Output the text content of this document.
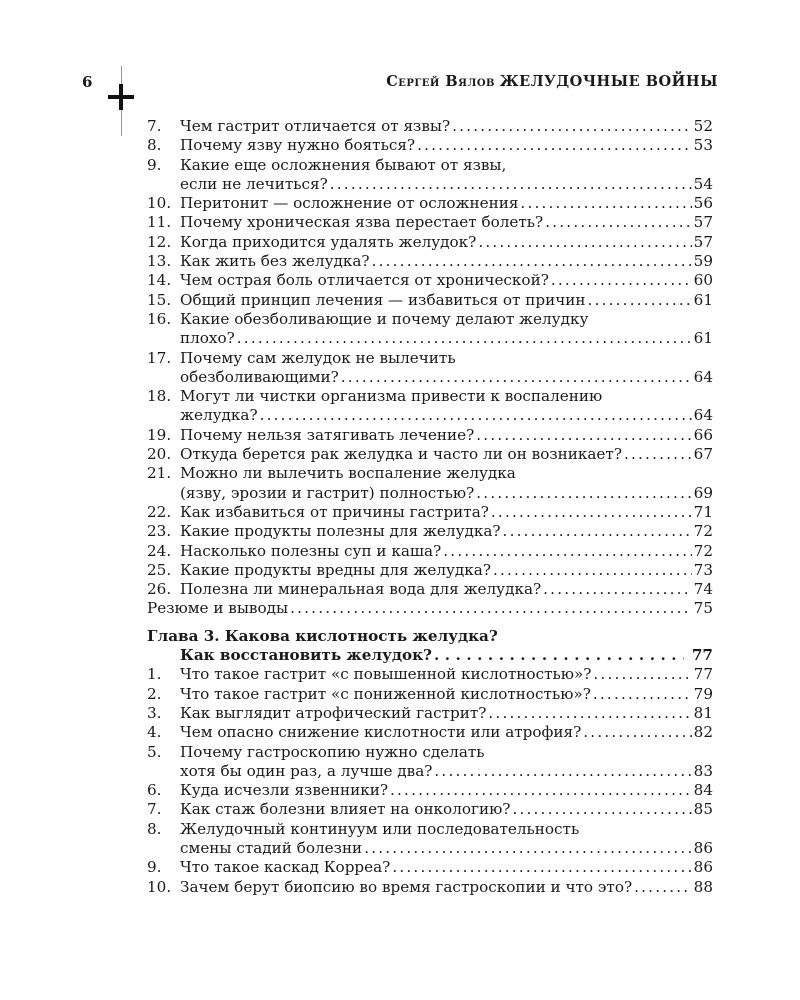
6	Сергей Вялов ЖЕЛУДОЧНЫЕ ВОЙНЫ
7.	Чем гастрит отличается от язвы? .....	52
8.	Почему язву нужно бояться? .....	53
9.	Какие еще осложнения бывают от язвы,
если не лечиться? .....	54
10. Перитонит — осложнение от осложнения .....	56
11. Почему хроническая язва перестает болеть? .....	57
12. Когда приходится удалять желудок? .....	57
13. Как жить без желудка? .....	59
14. Чем острая боль отличается от хронической? .....	60
15. Общий принцип лечения — избавиться от причин .....	61
16. Какие обезболивающие и почему делают желудку
плохо? .....	61
17. Почему сам желудок не вылечить
обезболивающими? .....	64
18. Могут ли чистки организма привести к воспалению
желудка? .....	64
19. Почему нельзя затягивать лечение? .....	66
20. Откуда берется рак желудка и часто ли он возникает? .....	67
21. Можно ли вылечить воспаление желудка
(язву, эрозии и гастрит) полностью? .....	69
22. Как избавиться от причины гастрита? .....	71
23. Какие продукты полезны для желудка? .....	72
24. Насколько полезны суп и каша? .....	72
25. Какие продукты вредны для желудка? .....	73
26. Полезна ли минеральная вода для желудка? .....	74
Резюме и выводы .....	75
Глава 3. Какова кислотность желудка?
Как восстановить желудок? .....	77
1.	Что такое гастрит «с повышенной кислотностью»? .....	77
2.	Что такое гастрит «с пониженной кислотностью»? .....	79
3.	Как выглядит атрофический гастрит? .....	81
4.	Чем опасно снижение кислотности или атрофия? .....	82
5.	Почему гастроскопию нужно сделать
хотя бы один раз, а лучше два? .....	83
6.	Куда исчезли язвенники? .....	84
7.	Как стаж болезни влияет на онкологию? .....	85
8.	Желудочный континуум или последовательность
смены стадий болезни .....	86
9.	Что такое каскад Корреа? .....	86
10. Зачем берут биопсию во время гастроскопии и что это? .....	88
